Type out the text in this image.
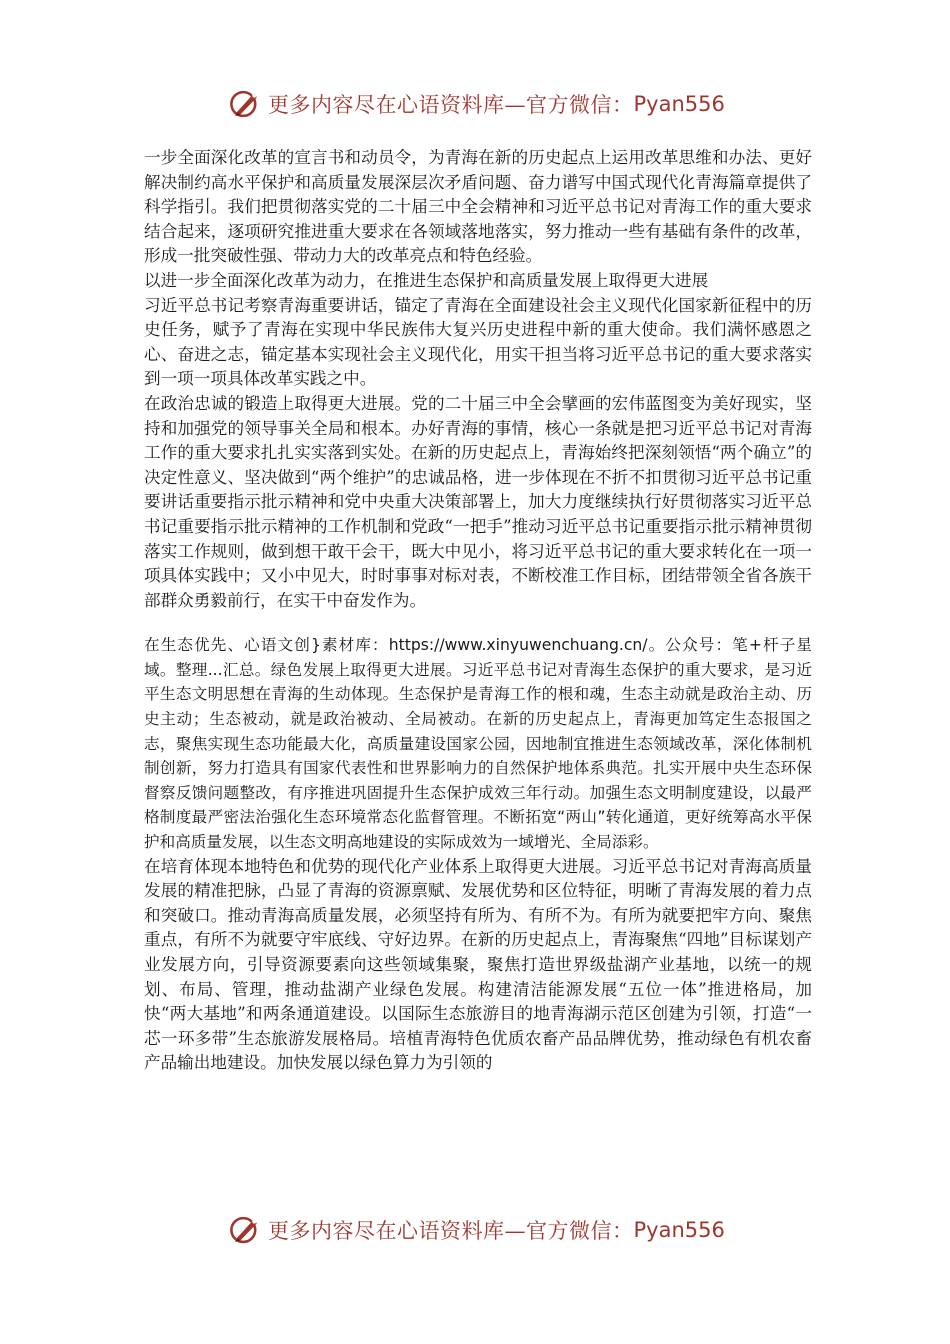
更多内容尽在心语资料库—官方微信： Pyan556

一步全面深化改革的宣言书和动员令，为青海在新的历史起点上运用改革思维和办法、更好解决制约高水平保护和高质量发展深层次矛盾问题、奋力谱写中国式现代化青海篇章提供了科学指引。我们把贯彻落实党的二十届三中全会精神和习近平总书记对青海工作的重大要求结合起来，逐项研究推进重大要求在各领域落地落实，努力推动一些有基础有条件的改革，形成一批突破性强、带动力大的改革亮点和特色经验。

以进一步全面深化改革为动力，在推进生态保护和高质量发展上取得更大进展

习近平总书记考察青海重要讲话，锚定了青海在全面建设社会主义现代化国家新征程中的历史任务，赋予了青海在实现中华民族伟大复兴历史进程中新的重大使命。我们满怀感恩之心、奋进之志，锚定基本实现社会主义现代化，用实干担当将习近平总书记的重大要求落实到一项一项具体改革实践之中。

在政治忠诚的锻造上取得更大进展。党的二十届三中全会擘画的宏伟蓝图变为美好现实，坚持和加强党的领导事关全局和根本。办好青海的事情，核心一条就是把习近平总书记对青海工作的重大要求扎扎实实落到实处。在新的历史起点上，青海始终把深刻领悟“两个确立”的决定性意义、坚决做到“两个维护”的忠诚品格，进一步体现在不折不扣贯彻习近平总书记重要讲话重要指示批示精神和党中央重大决策部署上，加大力度继续执行好贯彻落实习近平总书记重要指示批示精神的工作机制和党政“一把手”推动习近平总书记重要指示批示精神贯彻落实工作规则，做到想干敢干会干，既大中见小，将习近平总书记的重大要求转化在一项一项具体实践中；又小中见大，时时事事对标对表，不断校准工作目标，团结带领全省各族干部群众勇毅前行，在实干中奋发作为。

在生态优先、心语文创}素材库：https://www.xinyuwenchuang.cn/。公众号：笔+杆子星域。整理...汇总。绿色发展上取得更大进展。习近平总书记对青海生态保护的重大要求，是习近平生态文明思想在青海的生动体现。生态保护是青海工作的根和魂，生态主动就是政治主动、历史主动；生态被动，就是政治被动、全局被动。在新的历史起点上，青海更加笃定生态报国之志，聚焦实现生态功能最大化，高质量建设国家公园，因地制宜推进生态领域改革，深化体制机制创新，努力打造具有国家代表性和世界影响力的自然保护地体系典范。扎实开展中央生态环保督察反馈问题整改，有序推进巩固提升生态保护成效三年行动。加强生态文明制度建设，以最严格制度最严密法治强化生态环境常态化监督管理。不断拓宽“两山”转化通道，更好统筹高水平保护和高质量发展，以生态文明高地建设的实际成效为一域增光、全局添彩。

在培育体现本地特色和优势的现代化产业体系上取得更大进展。习近平总书记对青海高质量发展的精准把脉，凸显了青海的资源禀赋、发展优势和区位特征，明晰了青海发展的着力点和突破口。推动青海高质量发展，必须坚持有所为、有所不为。有所为就要把牢方向、聚焦重点，有所不为就要守牢底线、守好边界。在新的历史起点上，青海聚焦“四地”目标谋划产业发展方向，引导资源要素向这些领域集聚，聚焦打造世界级盐湖产业基地，以统一的规划、布局、管理，推动盐湖产业绿色发展。构建清洁能源发展“五位一体”推进格局，加快“两大基地”和两条通道建设。以国际生态旅游目的地青海湖示范区创建为引领，打造“一芯一环多带”生态旅游发展格局。培植青海特色优质农畜产品品牌优势，推动绿色有机农畜产品输出地建设。加快发展以绿色算力为引领的

更多内容尽在心语资料库—官方微信： Pyan556
